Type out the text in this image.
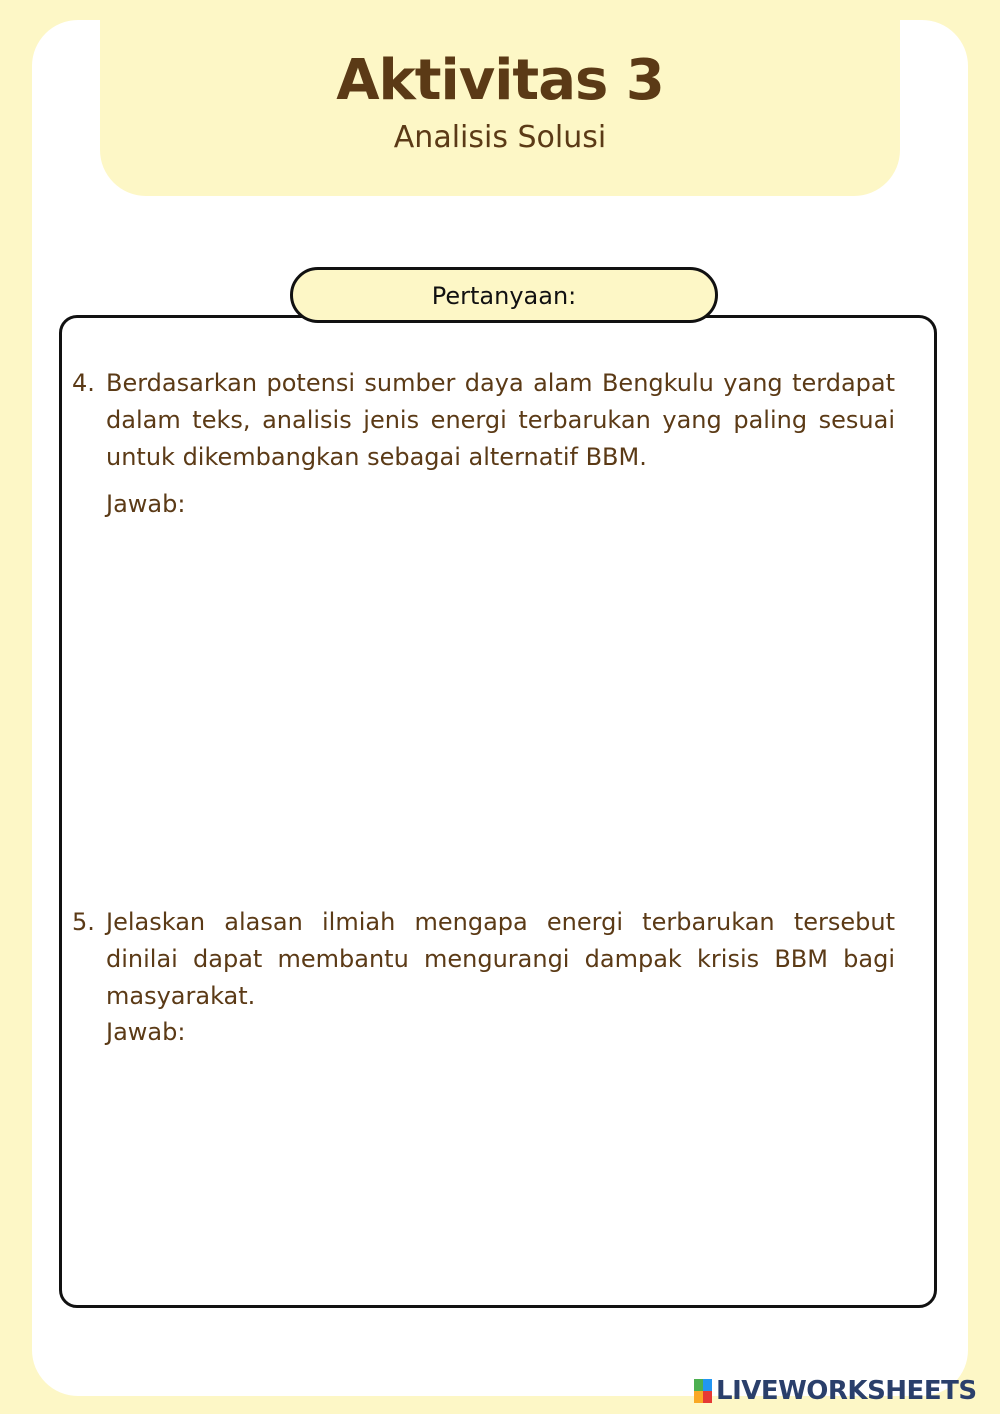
Aktivitas 3
Analisis Solusi
Pertanyaan:
4. Berdasarkan potensi sumber daya alam Bengkulu yang terdapat dalam teks, analisis jenis energi terbarukan yang paling sesuai untuk dikembangkan sebagai alternatif BBM.
Jawab:
5. Jelaskan alasan ilmiah mengapa energi terbarukan tersebut dinilai dapat membantu mengurangi dampak krisis BBM bagi masyarakat.
Jawab:
LIVEWORKSHEETS
